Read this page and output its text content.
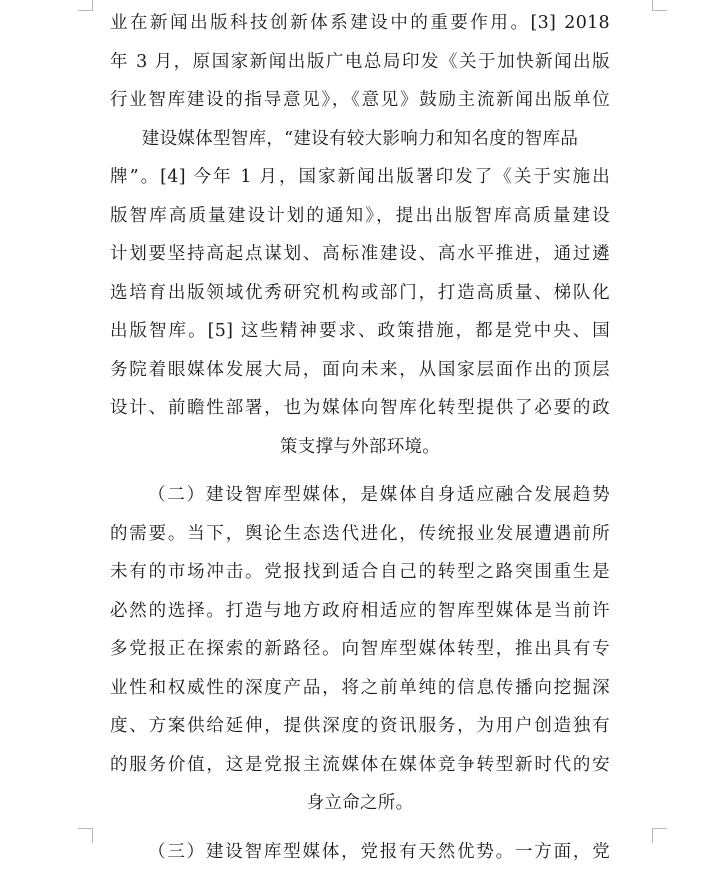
业在新闻出版科技创新体系建设中的重要作用。[3] 2018
年 3 月，原国家新闻出版广电总局印发《关于加快新闻出版
行业智库建设的指导意见》，《意见》鼓励主流新闻出版单位
建设媒体型智库，“建设有较大影响力和知名度的智库品
牌”。[4] 今年 1 月，国家新闻出版署印发了《关于实施出
版智库高质量建设计划的通知》，提出出版智库高质量建设
计划要坚持高起点谋划、高标准建设、高水平推进，通过遴
选培育出版领域优秀研究机构或部门，打造高质量、梯队化
出版智库。[5] 这些精神要求、政策措施，都是党中央、国
务院着眼媒体发展大局，面向未来，从国家层面作出的顶层
设计、前瞻性部署，也为媒体向智库化转型提供了必要的政
策支撑与外部环境。
（二）建设智库型媒体，是媒体自身适应融合发展趋势
的需要。当下，舆论生态迭代进化，传统报业发展遭遇前所
未有的市场冲击。党报找到适合自己的转型之路突围重生是
必然的选择。打造与地方政府相适应的智库型媒体是当前许
多党报正在探索的新路径。向智库型媒体转型，推出具有专
业性和权威性的深度产品，将之前单纯的信息传播向挖掘深
度、方案供给延伸，提供深度的资讯服务，为用户创造独有
的服务价值，这是党报主流媒体在媒体竞争转型新时代的安
身立命之所。
（三）建设智库型媒体，党报有天然优势。一方面，党
